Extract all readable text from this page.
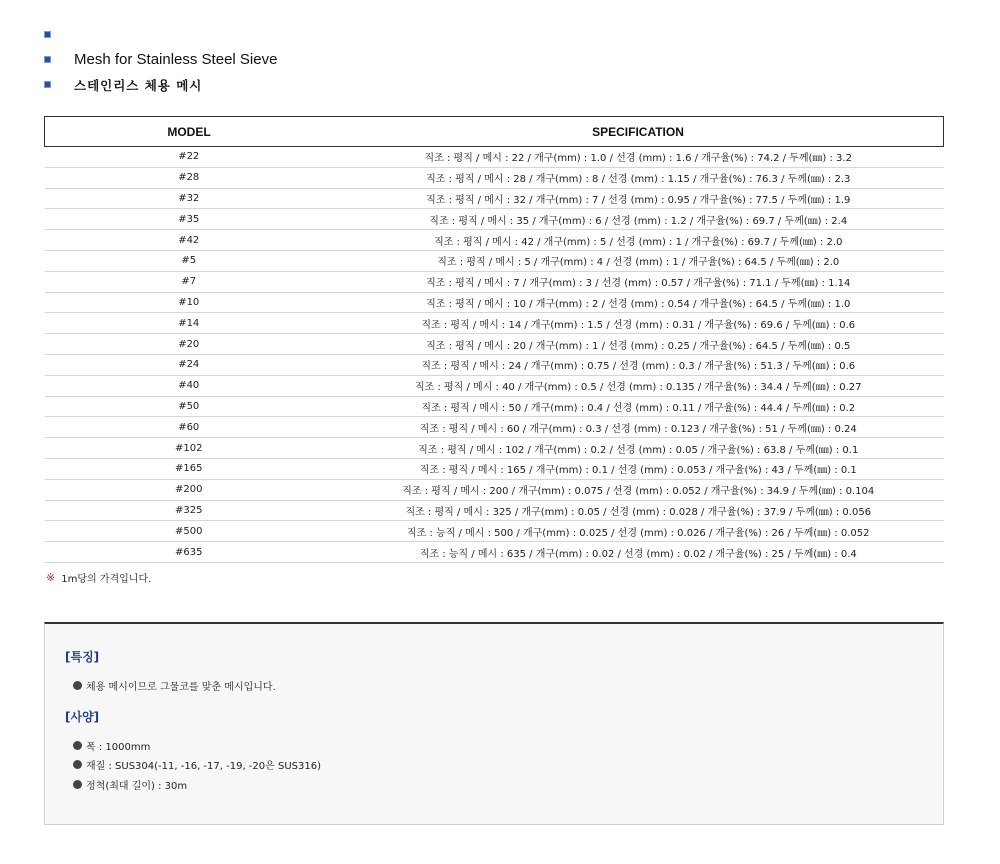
Mesh for Stainless Steel Sieve
스테인리스 체용 메시
MODEL	SPECIFICATION
#22	직조 : 평직 / 메시 : 22 / 개구(mm) : 1.0 / 선경 (mm) : 1.6 / 개구율(%) : 74.2 / 두께(㎜) : 3.2
#28	직조 : 평직 / 메시 : 28 / 개구(mm) : 8 / 선경 (mm) : 1.15 / 개구율(%) : 76.3 / 두께(㎜) : 2.3
#32	직조 : 평직 / 메시 : 32 / 개구(mm) : 7 / 선경 (mm) : 0.95 / 개구율(%) : 77.5 / 두께(㎜) : 1.9
#35	직조 : 평직 / 메시 : 35 / 개구(mm) : 6 / 선경 (mm) : 1.2 / 개구율(%) : 69.7 / 두께(㎜) : 2.4
#42	직조 : 평직 / 메시 : 42 / 개구(mm) : 5 / 선경 (mm) : 1 / 개구율(%) : 69.7 / 두께(㎜) : 2.0
#5	직조 : 평직 / 메시 : 5 / 개구(mm) : 4 / 선경 (mm) : 1 / 개구율(%) : 64.5 / 두께(㎜) : 2.0
#7	직조 : 평직 / 메시 : 7 / 개구(mm) : 3 / 선경 (mm) : 0.57 / 개구율(%) : 71.1 / 두께(㎜) : 1.14
#10	직조 : 평직 / 메시 : 10 / 개구(mm) : 2 / 선경 (mm) : 0.54 / 개구율(%) : 64.5 / 두께(㎜) : 1.0
#14	직조 : 평직 / 메시 : 14 / 개구(mm) : 1.5 / 선경 (mm) : 0.31 / 개구율(%) : 69.6 / 두께(㎜) : 0.6
#20	직조 : 평직 / 메시 : 20 / 개구(mm) : 1 / 선경 (mm) : 0.25 / 개구율(%) : 64.5 / 두께(㎜) : 0.5
#24	직조 : 평직 / 메시 : 24 / 개구(mm) : 0.75 / 선경 (mm) : 0.3 / 개구율(%) : 51.3 / 두께(㎜) : 0.6
#40	직조 : 평직 / 메시 : 40 / 개구(mm) : 0.5 / 선경 (mm) : 0.135 / 개구율(%) : 34.4 / 두께(㎜) : 0.27
#50	직조 : 평직 / 메시 : 50 / 개구(mm) : 0.4 / 선경 (mm) : 0.11 / 개구율(%) : 44.4 / 두께(㎜) : 0.2
#60	직조 : 평직 / 메시 : 60 / 개구(mm) : 0.3 / 선경 (mm) : 0.123 / 개구율(%) : 51 / 두께(㎜) : 0.24
#102	직조 : 평직 / 메시 : 102 / 개구(mm) : 0.2 / 선경 (mm) : 0.05 / 개구율(%) : 63.8 / 두께(㎜) : 0.1
#165	직조 : 평직 / 메시 : 165 / 개구(mm) : 0.1 / 선경 (mm) : 0.053 / 개구율(%) : 43 / 두께(㎜) : 0.1
#200	직조 : 평직 / 메시 : 200 / 개구(mm) : 0.075 / 선경 (mm) : 0.052 / 개구율(%) : 34.9 / 두께(㎜) : 0.104
#325	직조 : 평직 / 메시 : 325 / 개구(mm) : 0.05 / 선경 (mm) : 0.028 / 개구율(%) : 37.9 / 두께(㎜) : 0.056
#500	직조 : 능직 / 메시 : 500 / 개구(mm) : 0.025 / 선경 (mm) : 0.026 / 개구율(%) : 26 / 두께(㎜) : 0.052
#635	직조 : 능직 / 메시 : 635 / 개구(mm) : 0.02 / 선경 (mm) : 0.02 / 개구율(%) : 25 / 두께(㎜) : 0.4
※ 1m당의 가격입니다.
[특징]
체용 메시이므로 그물코를 맞춘 메시입니다.
[사양]
폭 : 1000mm
재질 : SUS304(-11, -16, -17, -19, -20은 SUS316)
정척(최대 길이) : 30m
